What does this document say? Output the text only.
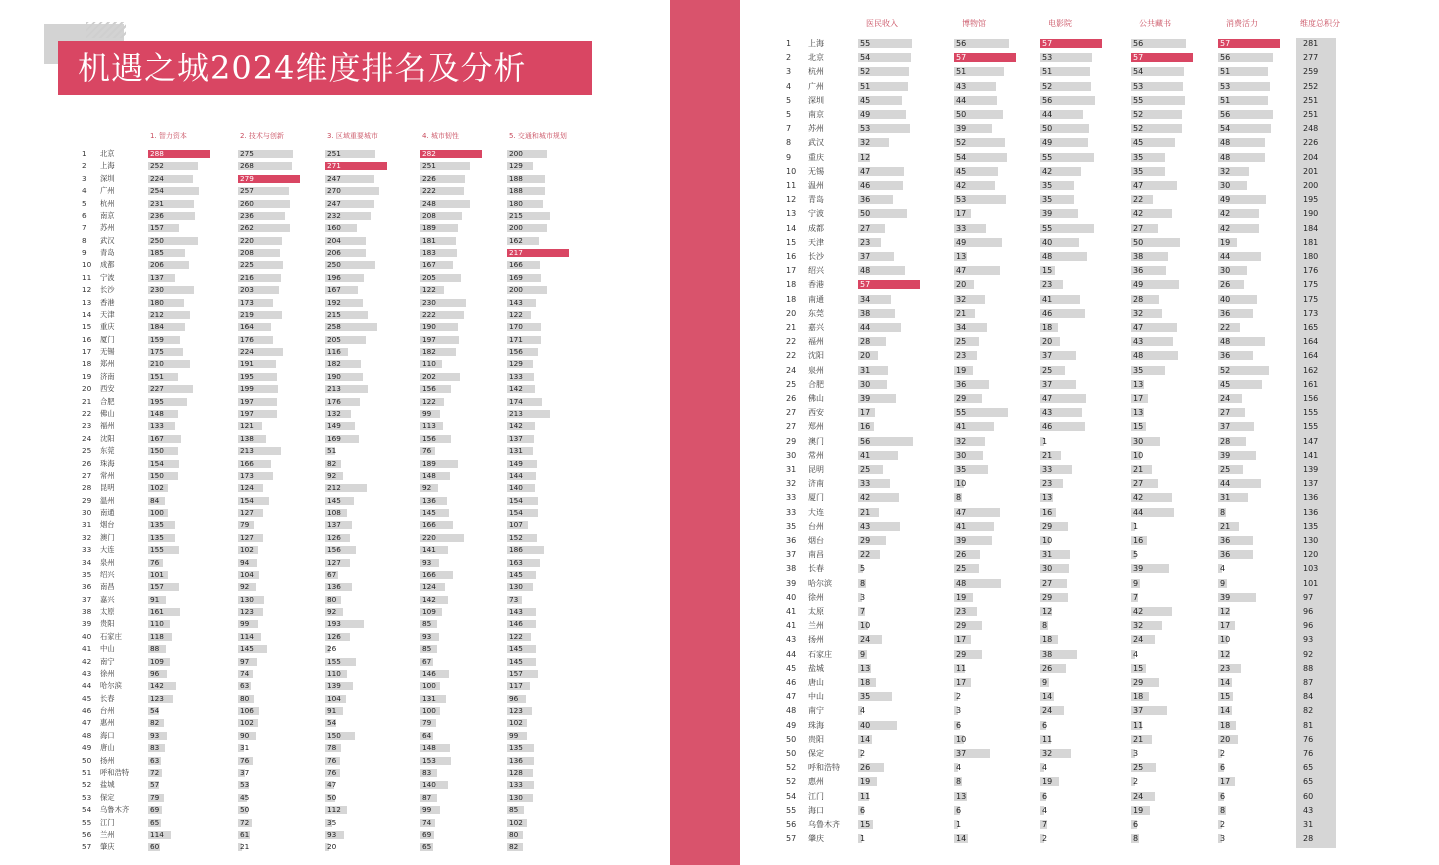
机遇之城2024维度排名及分析
1. 智力资本	2. 技术与创新	3. 区域重要城市	4. 城市韧性	5. 交通和城市规划
1 北京	288	275	251	282	200
2 上海	252	268	271	251	129
3 深圳	224	279	247	226	188
4 广州	254	257	270	222	188
5 杭州	231	260	247	248	180
6 南京	236	236	232	208	215
7 苏州	157	262	160	189	200
8 武汉	250	220	204	181	162
9 青岛	185	208	206	183	217
10 成都	206	225	250	167	166
11 宁波	137	216	196	205	169
12 长沙	230	203	167	122	200
13 香港	180	173	192	230	143
14 天津	212	219	215	222	122
15 重庆	184	164	258	190	170
16 厦门	159	176	205	197	171
17 无锡	175	224	116	182	156
18 郑州	210	191	182	110	129
19 济南	151	195	190	202	133
20 西安	227	199	213	156	142
21 合肥	195	197	176	122	174
22 佛山	148	197	132	99	213
23 福州	133	121	149	113	142
24 沈阳	167	138	169	156	137
25 东莞	150	213	51	76	131
26 珠海	154	166	82	189	149
27 常州	150	173	92	148	144
28 昆明	102	124	212	92	140
29 温州	84	154	145	136	154
30 南通	100	127	108	145	154
31 烟台	135	79	137	166	107
32 澳门	135	127	126	220	152
33 大连	155	102	156	141	186
34 泉州	76	94	127	93	163
35 绍兴	101	104	67	166	145
36 南昌	157	92	136	124	130
37 嘉兴	91	130	80	142	73
38 太原	161	123	92	109	143
39 贵阳	110	99	193	85	146
40 石家庄	118	114	126	93	122
41 中山	88	145	26	85	145
42 南宁	109	97	155	67	145
43 徐州	96	74	110	146	157
44 哈尔滨	142	63	139	100	117
45 长春	123	80	104	131	96
46 台州	54	106	91	100	123
47 惠州	82	102	54	79	102
48 海口	93	90	150	64	99
49 唐山	83	31	78	148	135
50 扬州	63	76	76	153	136
51 呼和浩特	72	37	76	83	128
52 盐城	57	53	47	140	133
53 保定	79	45	50	87	130
54 乌鲁木齐	69	50	112	99	85
55 江门	65	72	35	74	102
56 兰州	114	61	93	69	80
57 肇庆	60	21	20	65	82
医民收入	博物馆	电影院	公共藏书	消费活力	维度总积分
1 上海	55	56	57	56	57	281
2 北京	54	57	53	57	56	277
3 杭州	52	51	51	54	51	259
4 广州	51	43	52	53	53	252
5 深圳	45	44	56	55	51	251
5 南京	49	50	44	52	56	251
7 苏州	53	39	50	52	54	248
8 武汉	32	52	49	45	48	226
9 重庆	12	54	55	35	48	204
10 无锡	47	45	42	35	32	201
11 温州	46	42	35	47	30	200
12 青岛	36	53	35	22	49	195
13 宁波	50	17	39	42	42	190
14 成都	27	33	55	27	42	184
15 天津	23	49	40	50	19	181
16 长沙	37	13	48	38	44	180
17 绍兴	48	47	15	36	30	176
18 香港	57	20	23	49	26	175
18 南通	34	32	41	28	40	175
20 东莞	38	21	46	32	36	173
21 嘉兴	44	34	18	47	22	165
22 福州	28	25	20	43	48	164
22 沈阳	20	23	37	48	36	164
24 泉州	31	19	25	35	52	162
25 合肥	30	36	37	13	45	161
26 佛山	39	29	47	17	24	156
27 西安	17	55	43	13	27	155
27 郑州	16	41	46	15	37	155
29 澳门	56	32	1	30	28	147
30 常州	41	30	21	10	39	141
31 昆明	25	35	33	21	25	139
32 济南	33	10	23	27	44	137
33 厦门	42	8	13	42	31	136
33 大连	21	47	16	44	8	136
35 台州	43	41	29	1	21	135
36 烟台	29	39	10	16	36	130
37 南昌	22	26	31	5	36	120
38 长春	5	25	30	39	4	103
39 哈尔滨	8	48	27	9	9	101
40 徐州	3	19	29	7	39	97
41 太原	7	23	12	42	12	96
41 兰州	10	29	8	32	17	96
43 扬州	24	17	18	24	10	93
44 石家庄	9	29	38	4	12	92
45 盐城	13	11	26	15	23	88
46 唐山	18	17	9	29	14	87
47 中山	35	2	14	18	15	84
48 南宁	4	3	24	37	14	82
49 珠海	40	6	6	11	18	81
50 贵阳	14	10	11	21	20	76
50 保定	2	37	32	3	2	76
52 呼和浩特	26	4	4	25	6	65
52 惠州	19	8	19	2	17	65
54 江门	11	13	6	24	6	60
55 海口	6	6	4	19	8	43
56 乌鲁木齐	15	1	7	6	2	31
57 肇庆	1	14	2	8	3	28
